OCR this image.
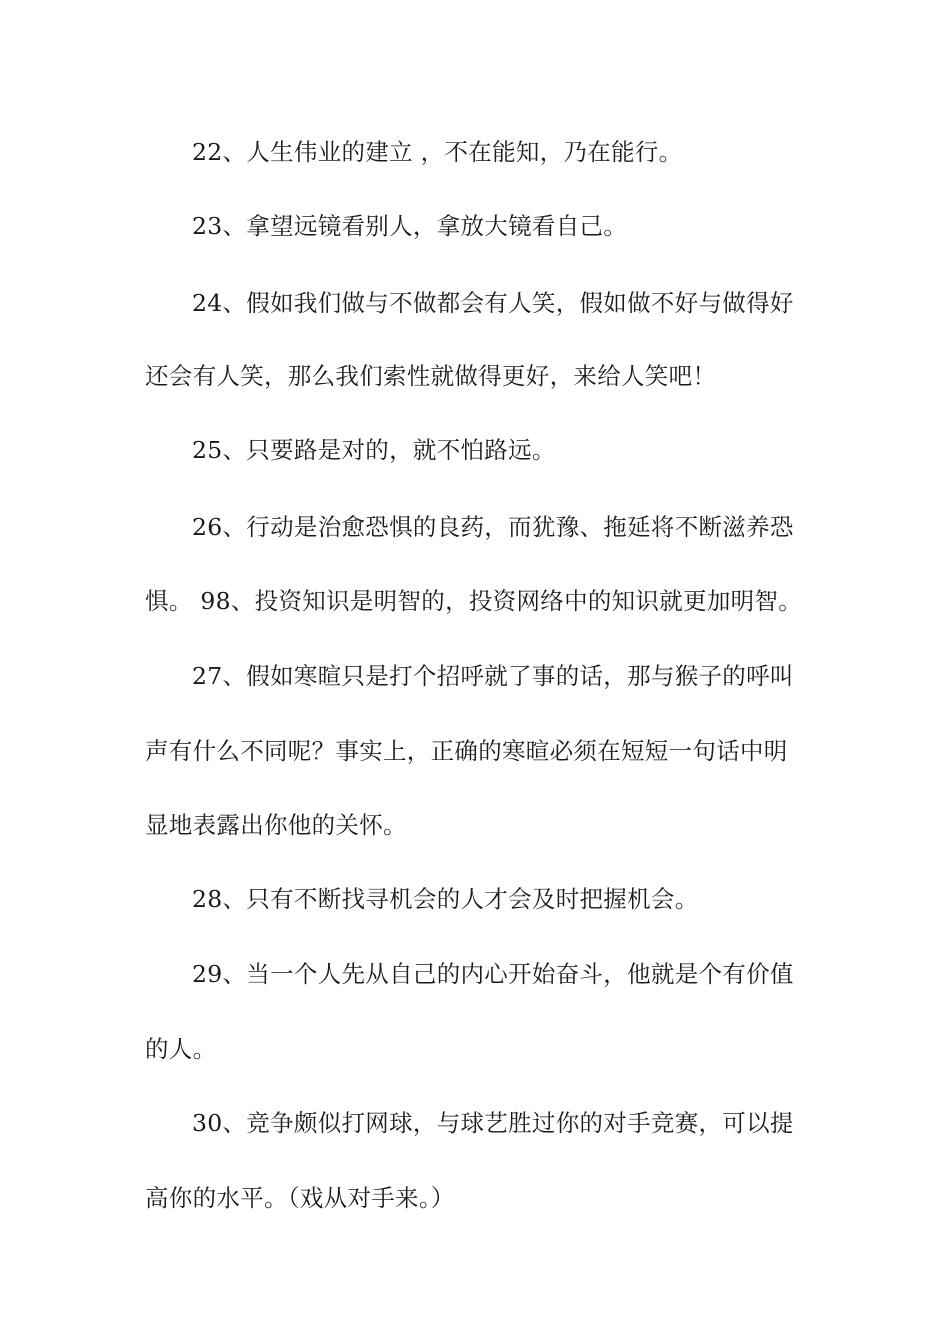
22、人生伟业的建立 ，不在能知，乃在能行。
23、拿望远镜看别人，拿放大镜看自己。
24、假如我们做与不做都会有人笑，假如做不好与做得好
还会有人笑，那么我们索性就做得更好，来给人笑吧！
25、只要路是对的，就不怕路远。
26、行动是治愈恐惧的良药，而犹豫、拖延将不断滋养恐
惧。 98、投资知识是明智的，投资网络中的知识就更加明智。
27、假如寒暄只是打个招呼就了事的话，那与猴子的呼叫
声有什么不同呢？事实上，正确的寒暄必须在短短一句话中明
显地表露出你他的关怀。
28、只有不断找寻机会的人才会及时把握机会。
29、当一个人先从自己的内心开始奋斗，他就是个有价值
的人。
30、竞争颇似打网球，与球艺胜过你的对手竞赛，可以提
高你的水平。（戏从对手来。）
